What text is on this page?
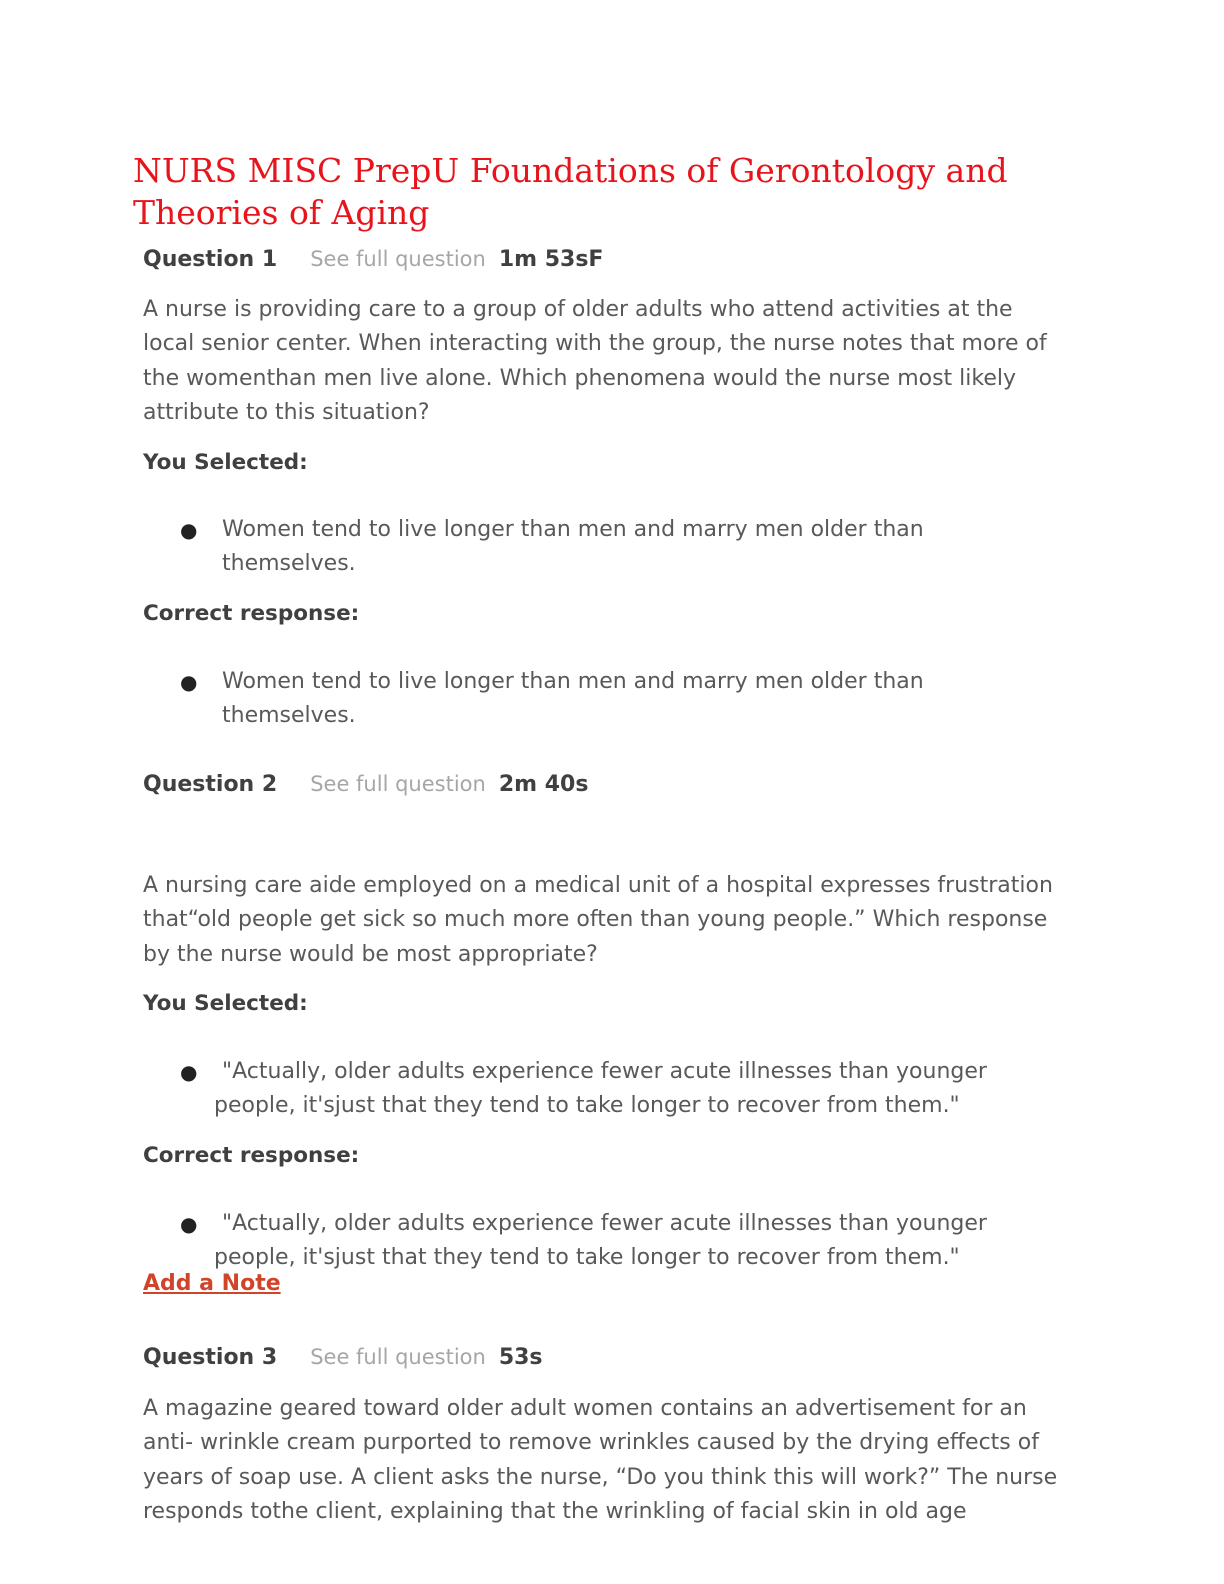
NURS MISC PrepU Foundations of Gerontology and Theories of Aging
Question 1 See full question 1m 53sF

A nurse is providing care to a group of older adults who attend activities at the local senior center. When interacting with the group, the nurse notes that more of the womenthan men live alone. Which phenomena would the nurse most likely attribute to this situation?

You Selected:
● Women tend to live longer than men and marry men older than themselves.
Correct response:
● Women tend to live longer than men and marry men older than themselves.
Question 2 See full question 2m 40s

A nursing care aide employed on a medical unit of a hospital expresses frustration that“old people get sick so much more often than young people.” Which response by the nurse would be most appropriate?

You Selected:
●	"Actually, older adults experience fewer acute illnesses than younger people, it'sjust that they tend to take longer to recover from them."
Correct response:
●	"Actually, older adults experience fewer acute illnesses than younger people, it'sjust that they tend to take longer to recover from them."
Add a Note
Question 3 See full question 53s

A magazine geared toward older adult women contains an advertisement for an anti- wrinkle cream purported to remove wrinkles caused by the drying effects of years of soap use. A client asks the nurse, “Do you think this will work?” The nurse responds tothe client, explaining that the wrinkling of facial skin in old age
